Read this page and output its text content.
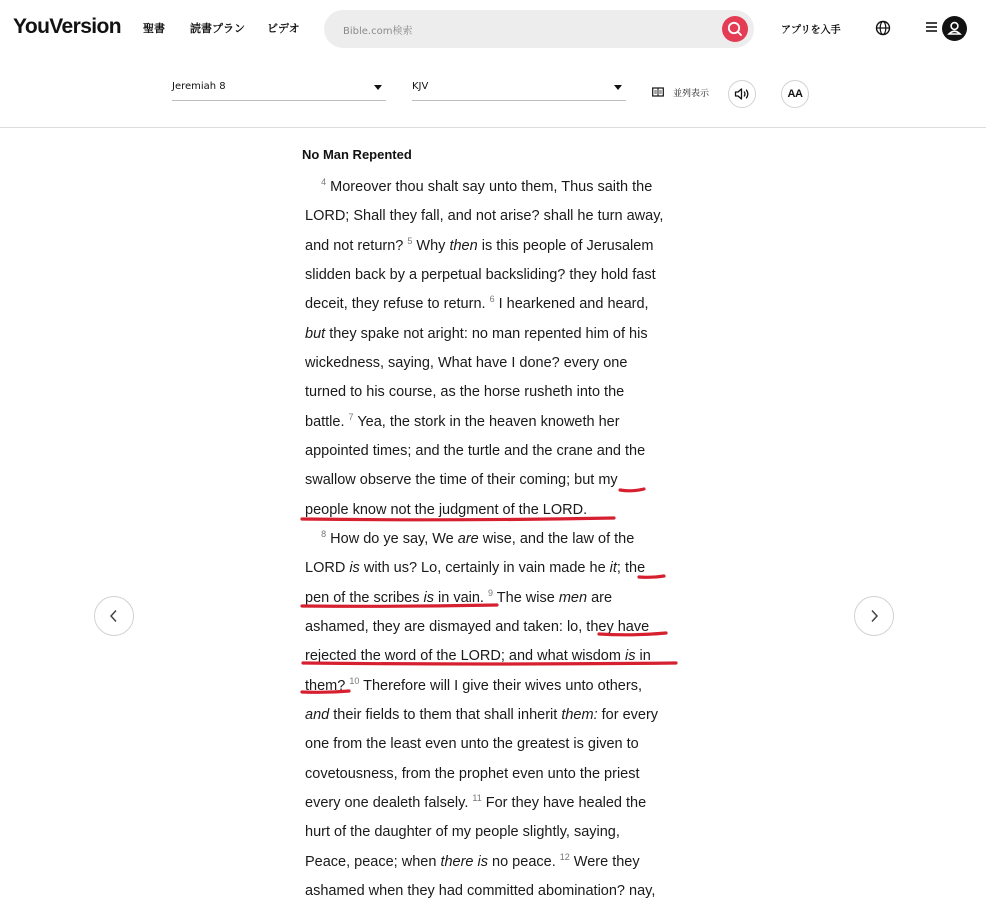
YouVersion 聖書 読書プラン ビデオ	Bible.com検索	アプリを入手
Jeremiah 8	KJV
並列表示	AA
No Man Repented
$^4$ Moreover thou shalt say unto them, Thus saith the
LORD; Shall they fall, and not arise? shall he turn away,
and not return? $^5$ Why then is this people of Jerusalem
slidden back by a perpetual backsliding? they hold fast
deceit, they refuse to return. $^6$ I hearkened and heard,
but they spake not aright: no man repented him of his
wickedness, saying, What have I done? every one
turned to his course, as the horse rusheth into the
battle. $^7$ Yea, the stork in the heaven knoweth her
appointed times; and the turtle and the crane and the
swallow observe the time of their coming; but my
people know not the judgment of the LORD.
$^8$ How do ye say, We are wise, and the law of the
LORD is with us? Lo, certainly in vain made he it; the
pen of the scribes is in vain. $^9$ The wise men are
ashamed, they are dismayed and taken: lo, they have
rejected the word of the LORD; and what wisdom is in
them? $^{10}$ Therefore will I give their wives unto others,
and their fields to them that shall inherit them: for every
one from the least even unto the greatest is given to
covetousness, from the prophet even unto the priest
every one dealeth falsely. $^{11}$ For they have healed the
hurt of the daughter of my people slightly, saying,
Peace, peace; when there is no peace. $^{12}$ Were they
ashamed when they had committed abomination? nay,
